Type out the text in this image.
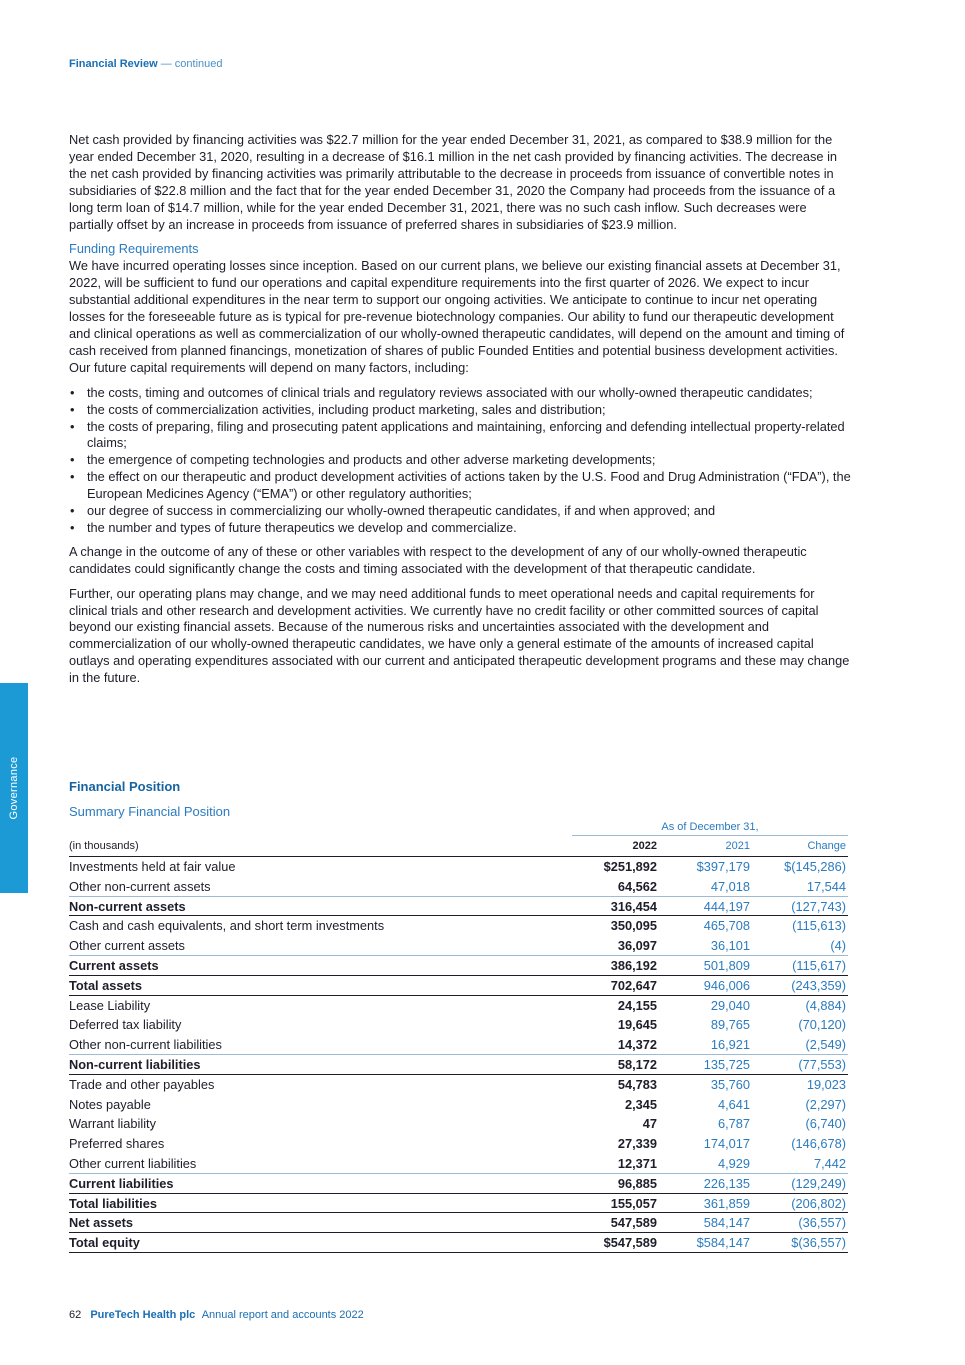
Financial Review — continued
Governance

Net cash provided by financing activities was $22.7 million for the year ended December 31, 2021, as compared to $38.9 million for the year ended December 31, 2020, resulting in a decrease of $16.1 million in the net cash provided by financing activities. The decrease in the net cash provided by financing activities was primarily attributable to the decrease in proceeds from issuance of convertible notes in subsidiaries of $22.8 million and the fact that for the year ended December 31, 2020 the Company had proceeds from the issuance of a long term loan of $14.7 million, while for the year ended December 31, 2021, there was no such cash inflow. Such decreases were partially offset by an increase in proceeds from issuance of preferred shares in subsidiaries of $23.9 million.

Funding Requirements

We have incurred operating losses since inception. Based on our current plans, we believe our existing financial assets at December 31, 2022, will be sufficient to fund our operations and capital expenditure requirements into the first quarter of 2026. We expect to incur substantial additional expenditures in the near term to support our ongoing activities. We anticipate to continue to incur net operating losses for the foreseeable future as is typical for pre-revenue biotechnology companies. Our ability to fund our therapeutic development and clinical operations as well as commercialization of our wholly-owned therapeutic candidates, will depend on the amount and timing of cash received from planned financings, monetization of shares of public Founded Entities and potential business development activities. Our future capital requirements will depend on many factors, including:

• the costs, timing and outcomes of clinical trials and regulatory reviews associated with our wholly-owned therapeutic candidates;
• the costs of commercialization activities, including product marketing, sales and distribution;
• the costs of preparing, filing and prosecuting patent applications and maintaining, enforcing and defending intellectual property-related claims;
• the emergence of competing technologies and products and other adverse marketing developments;
• the effect on our therapeutic and product development activities of actions taken by the U.S. Food and Drug Administration (“FDA”), the European Medicines Agency (“EMA”) or other regulatory authorities;
• our degree of success in commercializing our wholly-owned therapeutic candidates, if and when approved; and
• the number and types of future therapeutics we develop and commercialize.

A change in the outcome of any of these or other variables with respect to the development of any of our wholly-owned therapeutic candidates could significantly change the costs and timing associated with the development of that therapeutic candidate.

Further, our operating plans may change, and we may need additional funds to meet operational needs and capital requirements for clinical trials and other research and development activities. We currently have no credit facility or other committed sources of capital beyond our existing financial assets. Because of the numerous risks and uncertainties associated with the development and commercialization of our wholly-owned therapeutic candidates, we have only a general estimate of the amounts of increased capital outlays and operating expenditures associated with our current and anticipated therapeutic development programs and these may change in the future.

Financial Position
Summary Financial Position
As of December 31,
(in thousands)	2022	2021	Change
Investments held at fair value	$251,892	$397,179	$(145,286)
Other non-current assets	64,562	47,018	17,544
Non-current assets	316,454	444,197	(127,743)
Cash and cash equivalents, and short term investments	350,095	465,708	(115,613)
Other current assets	36,097	36,101	(4)
Current assets	386,192	501,809	(115,617)
Total assets	702,647	946,006	(243,359)
Lease Liability	24,155	29,040	(4,884)
Deferred tax liability	19,645	89,765	(70,120)
Other non-current liabilities	14,372	16,921	(2,549)
Non-current liabilities	58,172	135,725	(77,553)
Trade and other payables	54,783	35,760	19,023
Notes payable	2,345	4,641	(2,297)
Warrant liability	47	6,787	(6,740)
Preferred shares	27,339	174,017	(146,678)
Other current liabilities	12,371	4,929	7,442
Current liabilities	96,885	226,135	(129,249)
Total liabilities	155,057	361,859	(206,802)
Net assets	547,589	584,147	(36,557)
Total equity	$547,589	$584,147	$(36,557)
62 PureTech Health plc Annual report and accounts 2022
